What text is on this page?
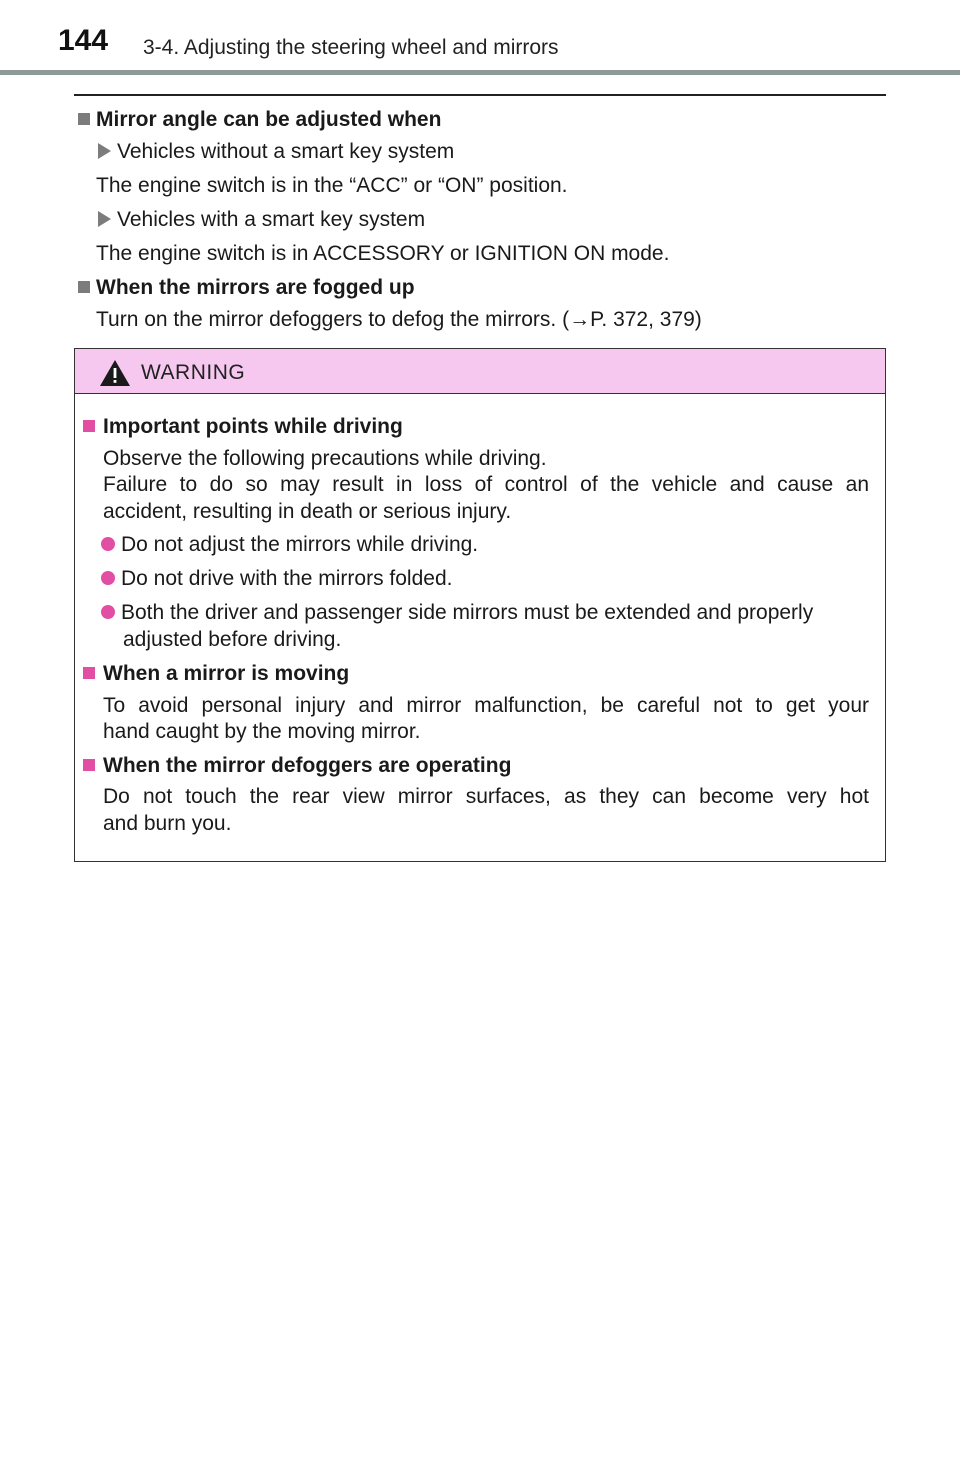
144 3-4. Adjusting the steering wheel and mirrors
Mirror angle can be adjusted when
Vehicles without a smart key system
The engine switch is in the “ACC” or “ON” position.
Vehicles with a smart key system
The engine switch is in ACCESSORY or IGNITION ON mode.
When the mirrors are fogged up
Turn on the mirror defoggers to defog the mirrors. (→P. 372, 379)
WARNING
Important points while driving
Observe the following precautions while driving.
Failure to do so may result in loss of control of the vehicle and cause an
accident, resulting in death or serious injury.
Do not adjust the mirrors while driving.
Do not drive with the mirrors folded.
Both the driver and passenger side mirrors must be extended and properly
adjusted before driving.
When a mirror is moving
To avoid personal injury and mirror malfunction, be careful not to get your
hand caught by the moving mirror.
When the mirror defoggers are operating
Do not touch the rear view mirror surfaces, as they can become very hot
and burn you.
